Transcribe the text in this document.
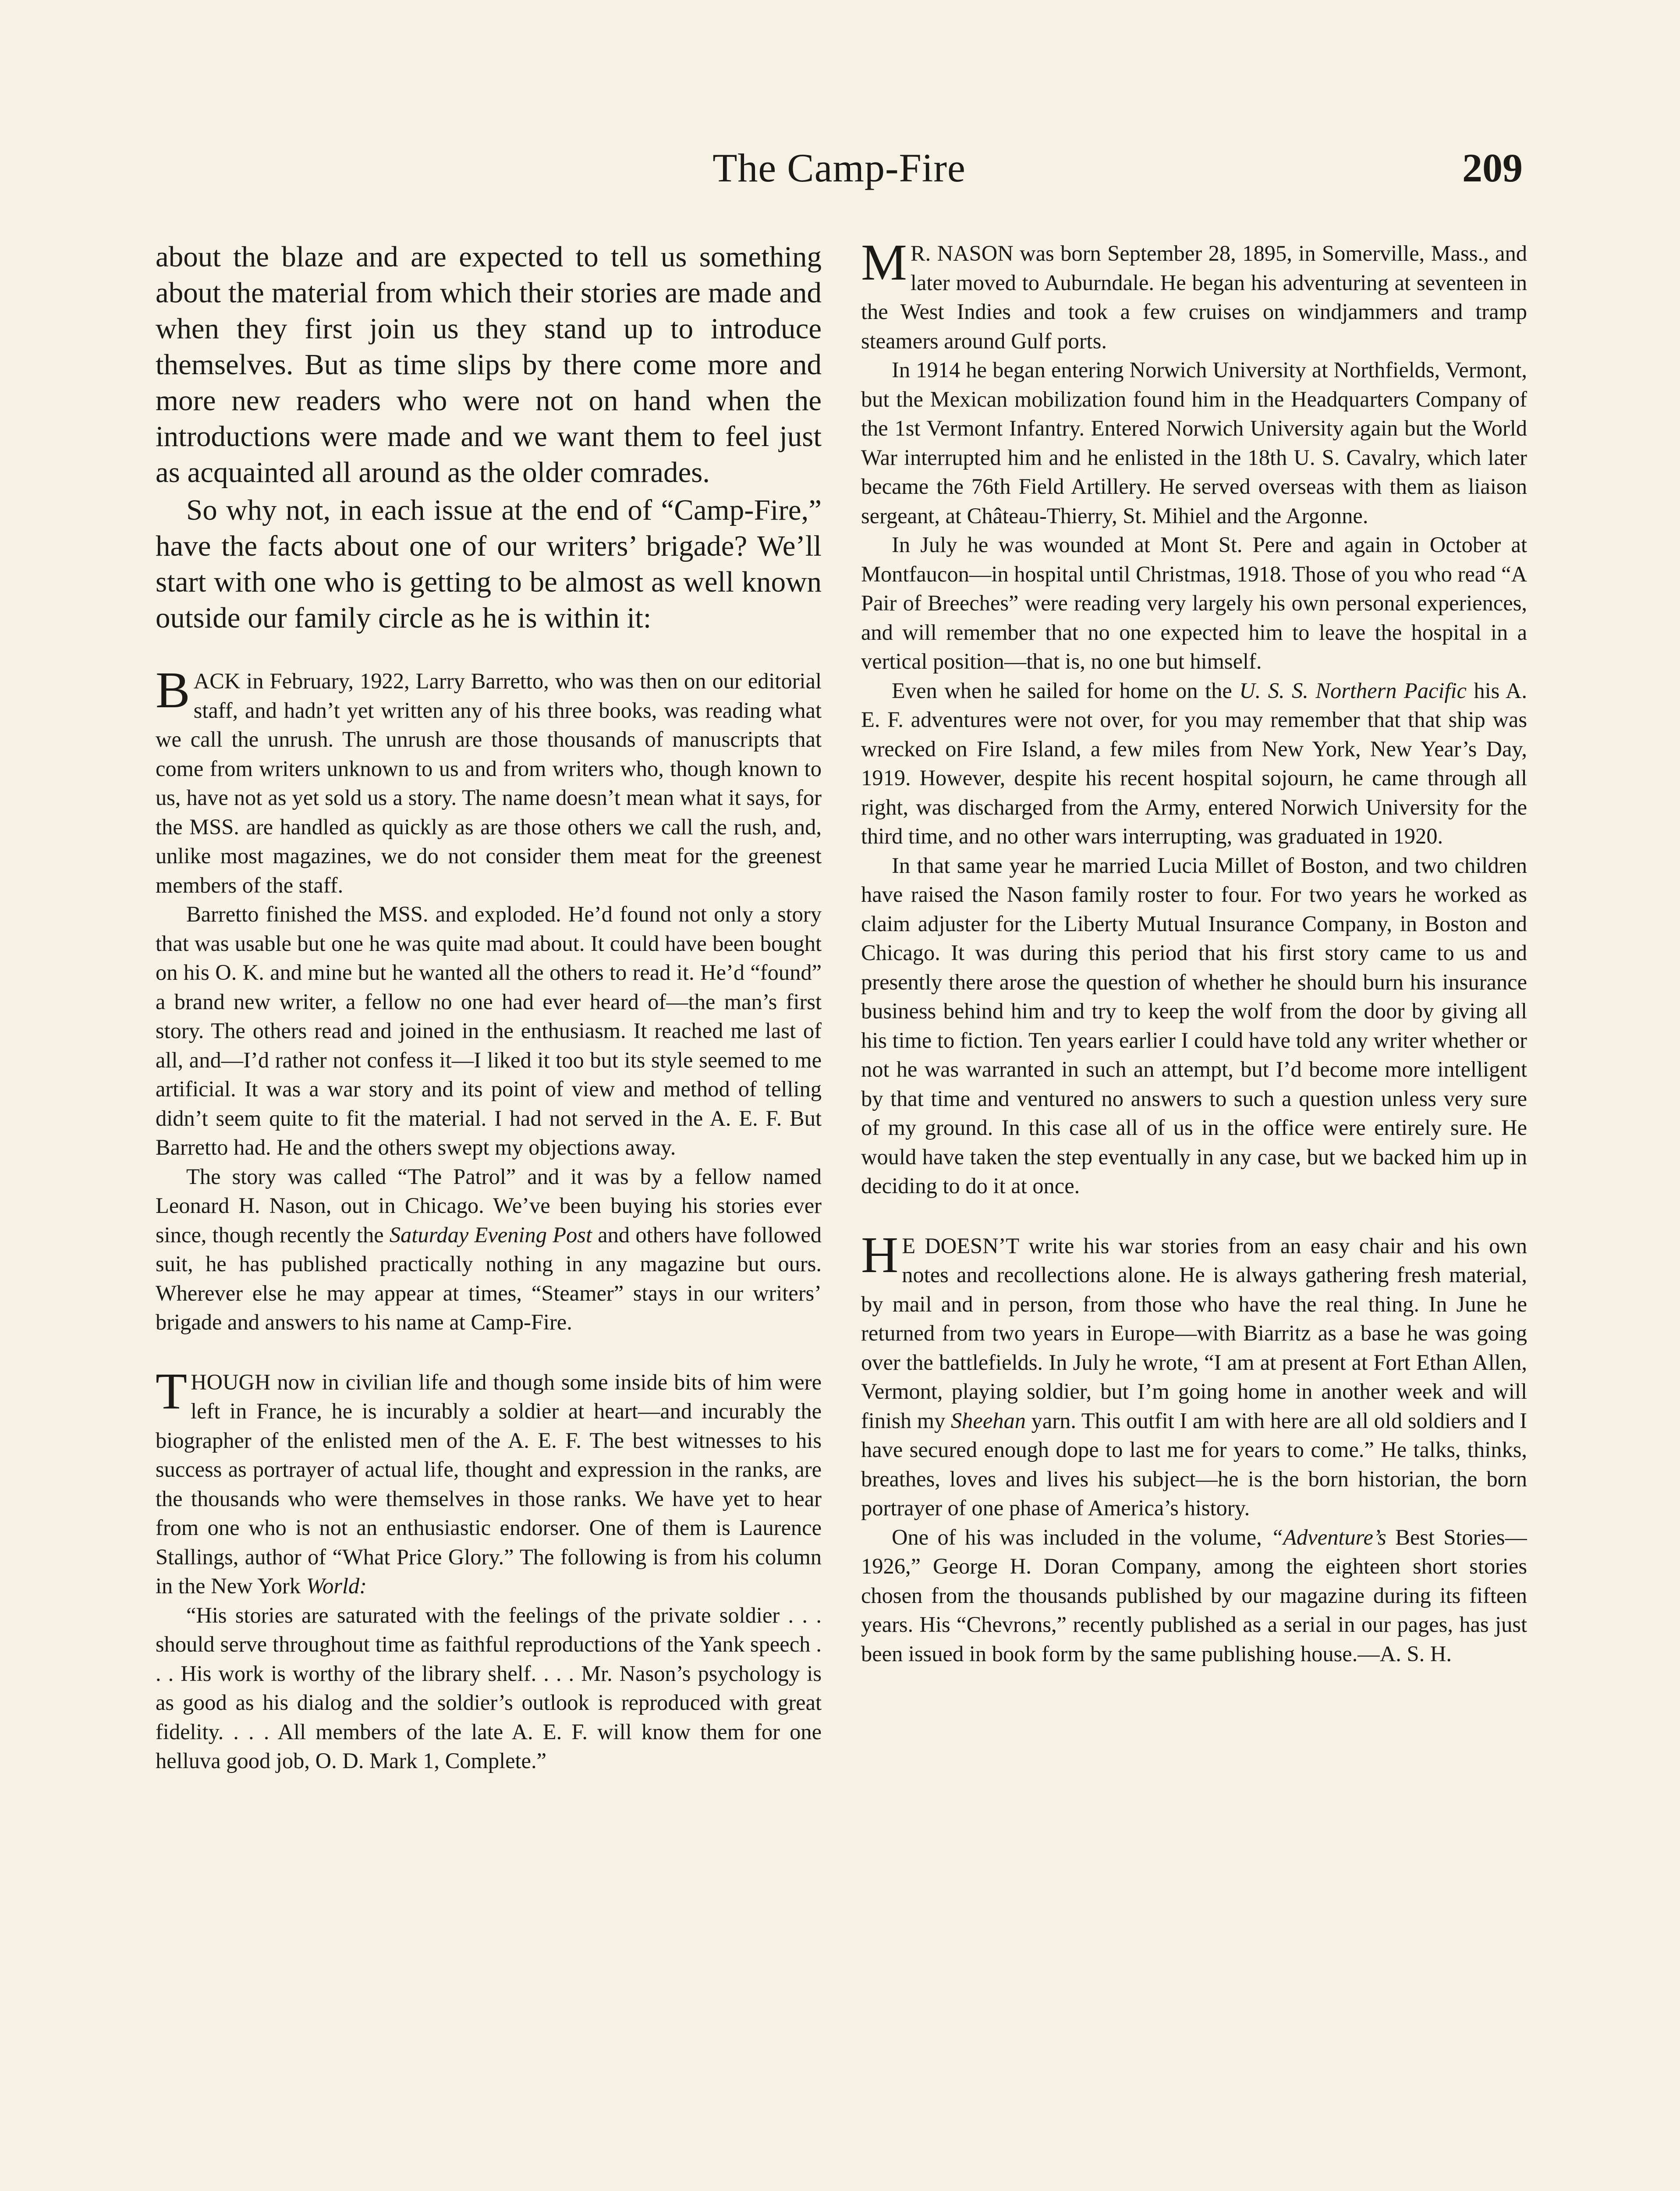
The Camp-Fire	209

about the blaze and are expected to tell us something about the material from which their stories are made and when they first join us they stand up to introduce themselves. But as time slips by there come more and more new readers who were not on hand when the introductions were made and we want them to feel just as acquainted all around as the older comrades.

So why not, in each issue at the end of “Camp-Fire,” have the facts about one of our writers’ brigade? We’ll start with one who is getting to be almost as well known outside our family circle as he is within it:

BACK in February, 1922, Larry Barretto, who was then on our editorial staff, and hadn’t yet written any of his three books, was reading what we call the unrush. The unrush are those thousands of manuscripts that come from writers unknown to us and from writers who, though known to us, have not as yet sold us a story. The name doesn’t mean what it says, for the MSS. are handled as quickly as are those others we call the rush, and, unlike most magazines, we do not consider them meat for the greenest members of the staff.

Barretto finished the MSS. and exploded. He’d found not only a story that was usable but one he was quite mad about. It could have been bought on his O. K. and mine but he wanted all the others to read it. He’d “found” a brand new writer, a fellow no one had ever heard of—the man’s first story. The others read and joined in the enthusiasm. It reached me last of all, and—I’d rather not confess it—I liked it too but its style seemed to me artificial. It was a war story and its point of view and method of telling didn’t seem quite to fit the material. I had not served in the A. E. F. But Barretto had. He and the others swept my objections away.

The story was called “The Patrol” and it was by a fellow named Leonard H. Nason, out in Chicago. We’ve been buying his stories ever since, though recently the Saturday Evening Post and others have followed suit, he has published practically nothing in any magazine but ours. Wherever else he may appear at times, “Steamer” stays in our writers’ brigade and answers to his name at Camp-Fire.

THOUGH now in civilian life and though some inside bits of him were left in France, he is incurably a soldier at heart—and incurably the biographer of the enlisted men of the A. E. F. The best witnesses to his success as portrayer of actual life, thought and expression in the ranks, are the thousands who were themselves in those ranks. We have yet to hear from one who is not an enthusiastic endorser. One of them is Laurence Stallings, author of “What Price Glory.” The following is from his column in the New York World:

“His stories are saturated with the feelings of the private soldier . . . should serve throughout time as faithful reproductions of the Yank speech . . . His work is worthy of the library shelf. . . . Mr. Nason’s psychology is as good as his dialog and the soldier’s outlook is reproduced with great fidelity. . . . All members of the late A. E. F. will know them for one helluva good job, O. D. Mark 1, Complete.”

M R. NASON was born September 28, 1895, in Somerville, Mass., and later moved to Auburndale. He began his adventuring at seventeen in the West Indies and took a few cruises on windjammers and tramp steamers around Gulf ports.

In 1914 he began entering Norwich University at Northfields, Vermont, but the Mexican mobilization found him in the Headquarters Company of the 1st Vermont Infantry. Entered Norwich University again but the World War interrupted him and he enlisted in the 18th U. S. Cavalry, which later became the 76th Field Artillery. He served overseas with them as liaison sergeant, at Château-Thierry, St. Mihiel and the Argonne.

In July he was wounded at Mont St. Pere and again in October at Montfaucon—in hospital until Christmas, 1918. Those of you who read “A Pair of Breeches” were reading very largely his own personal experiences, and will remember that no one expected him to leave the hospital in a vertical position—that is, no one but himself.

Even when he sailed for home on the U. S. S. Northern Pacific his A. E. F. adventures were not over, for you may remember that that ship was wrecked on Fire Island, a few miles from New York, New Year’s Day, 1919. However, despite his recent hospital sojourn, he came through all right, was discharged from the Army, entered Norwich University for the third time, and no other wars interrupting, was graduated in 1920.

In that same year he married Lucia Millet of Boston, and two children have raised the Nason family roster to four. For two years he worked as claim adjuster for the Liberty Mutual Insurance Company, in Boston and Chicago. It was during this period that his first story came to us and presently there arose the question of whether he should burn his insurance business behind him and try to keep the wolf from the door by giving all his time to fiction. Ten years earlier I could have told any writer whether or not he was warranted in such an attempt, but I’d become more intelligent by that time and ventured no answers to such a question unless very sure of my ground. In this case all of us in the office were entirely sure. He would have taken the step eventually in any case, but we backed him up in deciding to do it at once.

H E DOESN’T write his war stories from an easy chair and his own notes and recollections alone. He is always gathering fresh material, by mail and in person, from those who have the real thing. In June he returned from two years in Europe—with Biarritz as a base he was going over the battlefields. In July he wrote, “I am at present at Fort Ethan Allen, Vermont, playing soldier, but I’m going home in another week and will finish my Sheehan yarn. This outfit I am with here are all old soldiers and I have secured enough dope to last me for years to come.” He talks, thinks, breathes, loves and lives his subject—he is the born historian, the born portrayer of one phase of America’s history.

One of his was included in the volume, “Adventure’s Best Stories—1926,” George H. Doran Company, among the eighteen short stories chosen from the thousands published by our magazine during its fifteen years. His “Chevrons,” recently published as a serial in our pages, has just been issued in book form by the same publishing house.—A. S. H.
